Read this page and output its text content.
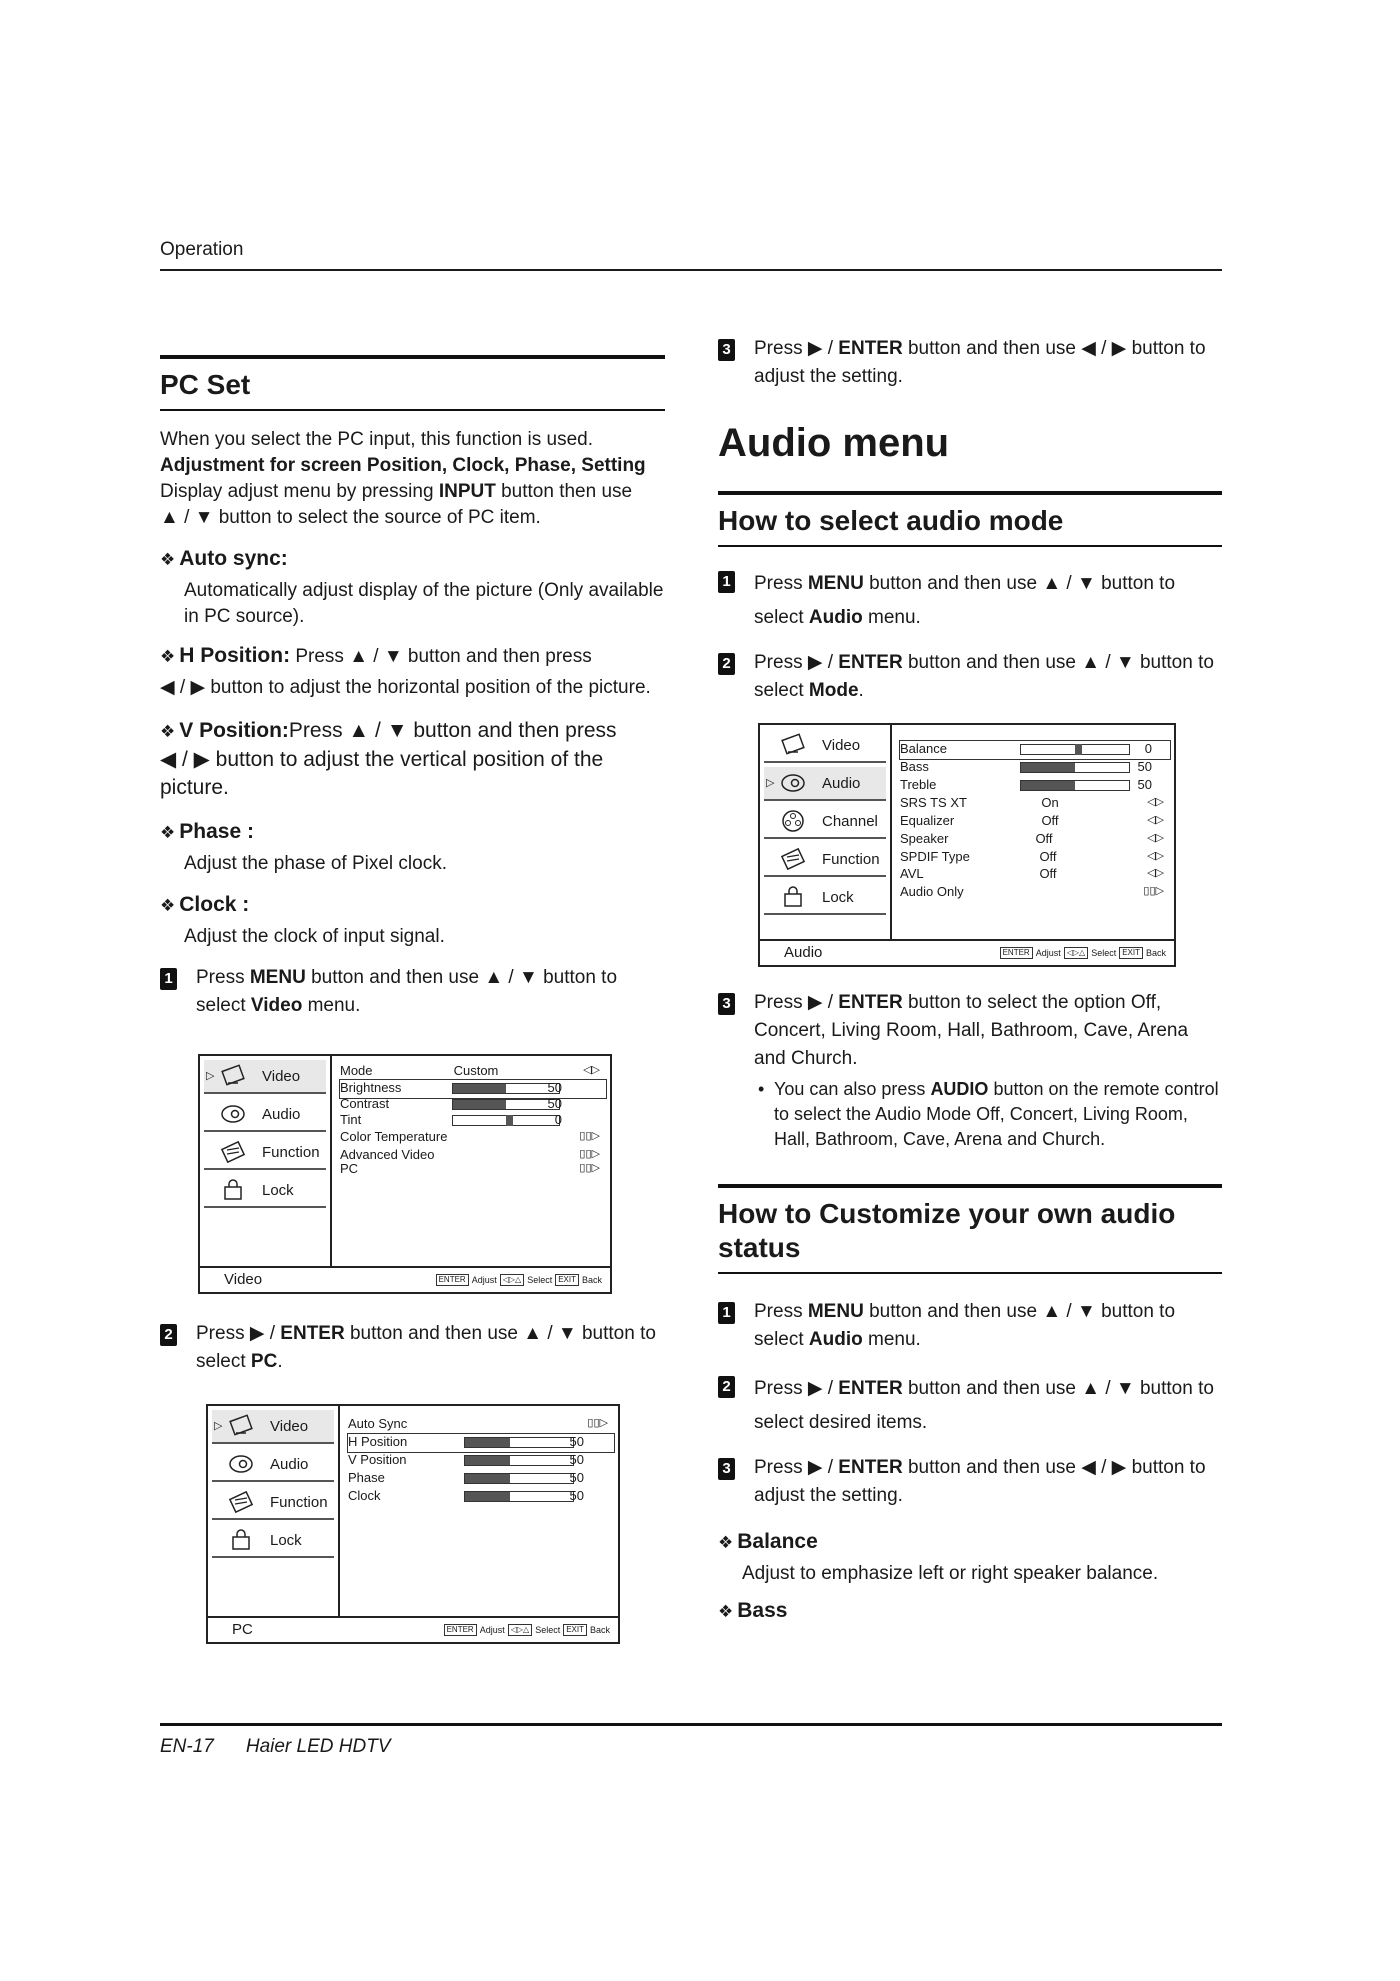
Operation
PC Set
When you select the PC input, this function is used.
Adjustment for screen Position, Clock, Phase, Setting
Display adjust menu by pressing INPUT button then use
▲ / ▼ button to select the source of PC item.
❖ Auto sync:
Automatically adjust display of the picture (Only available in PC source).
❖ H Position: Press ▲ / ▼ button and then press
◀ / ▶ button to adjust the horizontal position of the picture.
❖ V Position:Press ▲ / ▼ button and then press
◀ / ▶ button to adjust the vertical position of the picture.
❖ Phase :
Adjust the phase of Pixel clock.
❖ Clock :
Adjust the clock of input signal.
1 Press MENU button and then use ▲ / ▼ button to select Video menu.
▷	Video
Audio
Function
Lock
Mode	Custom	◁▷
Brightness	50
Contrast	50
Tint	0
Color Temperature	▯▯▷
Advanced Video	▯▯▷
PC	▯▯▷
Video	ENTER Adjust ◁▷△ Select EXIT Back
2 Press ▶ / ENTER button and then use ▲ / ▼ button to select PC.
▷	Video
Audio
Function
Lock
Auto Sync	▯▯▷
H Position	50
V Position	50
Phase	50
Clock	50
PC	ENTER Adjust ◁▷△ Select EXIT Back
3 Press ▶ / ENTER button and then use ◀ / ▶ button to adjust the setting.
Audio menu
How to select audio mode
1 Press MENU button and then use ▲ / ▼ button to select Audio menu.
2 Press ▶ / ENTER button and then use ▲ / ▼ button to select Mode.
Video
▷	Audio
Channel
Function
Lock
Balance	0
Bass	50
Treble	50
SRS TS XT	On	◁▷
Equalizer	Off	◁▷
Speaker	Off	◁▷
SPDIF Type	Off	◁▷
AVL	Off	◁▷
Audio Only	▯▯▷
Audio	ENTER Adjust ◁▷△ Select EXIT Back
3 Press ▶ / ENTER button to select the option Off, Concert, Living Room, Hall, Bathroom, Cave, Arena and Church.
• You can also press AUDIO button on the remote control to select the Audio Mode Off, Concert, Living Room, Hall, Bathroom, Cave, Arena and Church.
How to Customize your own audio status
1 Press MENU button and then use ▲ / ▼ button to select Audio menu.
2 Press ▶ / ENTER button and then use ▲ / ▼ button to select desired items.
3 Press ▶ / ENTER button and then use ◀ / ▶ button to adjust the setting.
❖ Balance
Adjust to emphasize left or right speaker balance.
❖ Bass
EN-17 Haier LED HDTV
